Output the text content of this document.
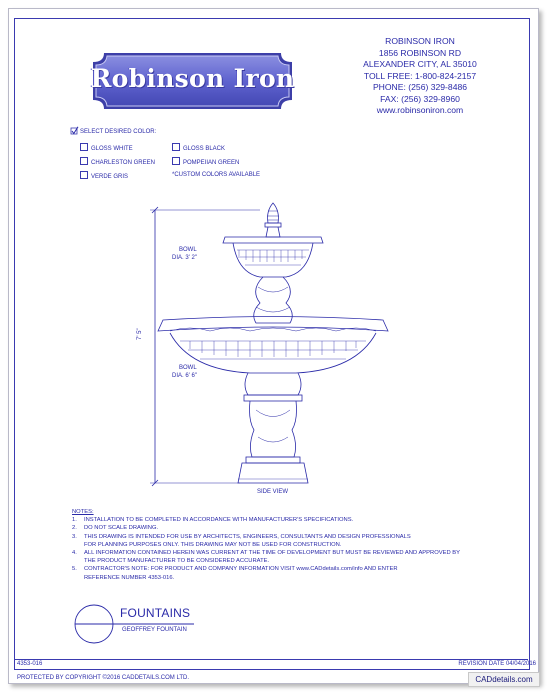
Robinson Iron
ROBINSON IRON
1856 ROBINSON RD
ALEXANDER CITY, AL 35010
TOLL FREE: 1-800-824-2157
PHONE: (256) 329-8486
FAX: (256) 329-8960
www.robinsoniron.com
SELECT DESIRED COLOR:
GLOSS WHITE	GLOSS BLACK
CHARLESTON GREEN	POMPEIIAN GREEN
VERDE GRIS	*CUSTOM COLORS AVAILABLE
BOWL
DIA. 3' 2"
BOWL
DIA. 6' 6"
7' 5"
SIDE VIEW
NOTES:
1. INSTALLATION TO BE COMPLETED IN ACCORDANCE WITH MANUFACTURER'S SPECIFICATIONS.
2. DO NOT SCALE DRAWING.
3. THIS DRAWING IS INTENDED FOR USE BY ARCHITECTS, ENGINEERS, CONSULTANTS AND DESIGN PROFESSIONALS
FOR PLANNING PURPOSES ONLY. THIS DRAWING MAY NOT BE USED FOR CONSTRUCTION.
4. ALL INFORMATION CONTAINED HEREIN WAS CURRENT AT THE TIME OF DEVELOPMENT BUT MUST BE REVIEWED AND APPROVED BY
THE PRODUCT MANUFACTURER TO BE CONSIDERED ACCURATE.
5. CONTRACTOR'S NOTE: FOR PRODUCT AND COMPANY INFORMATION VISIT www.CADdetails.com/info AND ENTER
REFERENCE NUMBER 4353-016.
FOUNTAINS
GEOFFREY FOUNTAIN
4353-016	REVISION DATE 04/04/2016
PROTECTED BY COPYRIGHT ©2016 CADDETAILS.COM LTD.	CADdetails.com
